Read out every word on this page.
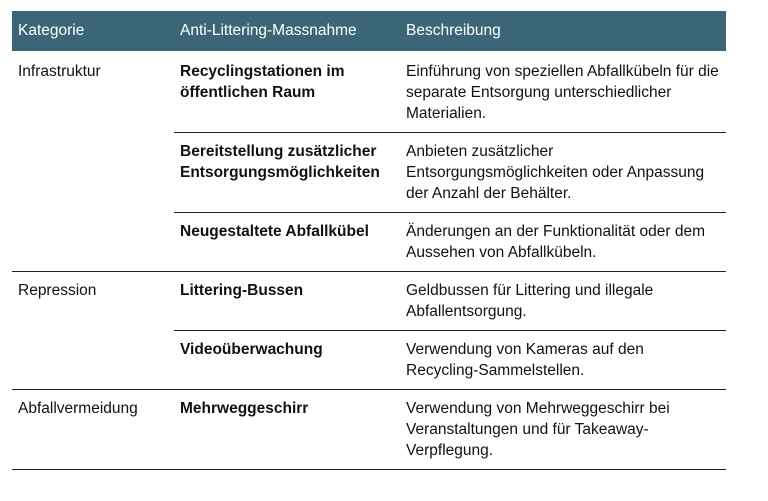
Kategorie	Anti-Littering-Massnahme	Beschreibung
Infrastruktur	Recyclingstationen im öffentlichen Raum	Einführung von speziellen Abfallkübeln für die separate Entsorgung unterschiedlicher Materialien.
	Bereitstellung zusätzlicher Entsorgungsmöglichkeiten	Anbieten zusätzlicher Entsorgungsmöglichkeiten oder Anpassung der Anzahl der Behälter.
	Neugestaltete Abfallkübel	Änderungen an der Funktionalität oder dem Aussehen von Abfallkübeln.
Repression	Littering-Bussen	Geldbussen für Littering und illegale Abfallentsorgung.
	Videoüberwachung	Verwendung von Kameras auf den Recycling-Sammelstellen.
Abfallvermeidung	Mehrweggeschirr	Verwendung von Mehrweggeschirr bei Veranstaltungen und für Takeaway-Verpflegung.
